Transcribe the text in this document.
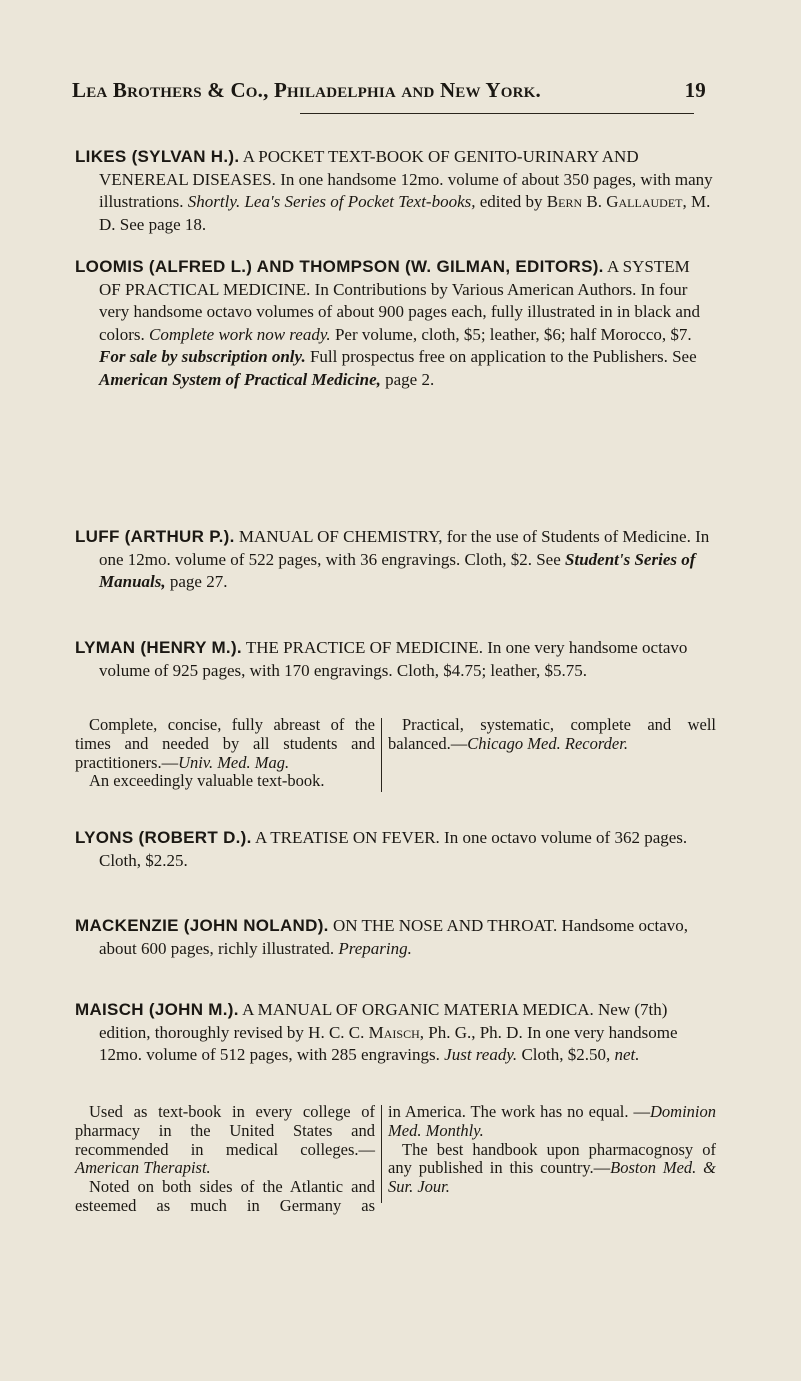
Lea Brothers & Co., Philadelphia and New York.	19

LIKES (SYLVAN H.). A POCKET TEXT-BOOK OF GENITO-URINARY AND VENEREAL DISEASES. In one handsome 12mo. volume of about 350 pages, with many illustrations. Shortly. Lea's Series of Pocket Text-books, edited by Bern B. Gallaudet, M. D. See page 18.

LOOMIS (ALFRED L.) AND THOMPSON (W. GILMAN, EDITORS). A SYSTEM OF PRACTICAL MEDICINE. In Contributions by Various American Authors. In four very handsome octavo volumes of about 900 pages each, fully illustrated in in black and colors. Complete work now ready. Per volume, cloth, $5; leather, $6; half Morocco, $7. For sale by subscription only. Full prospectus free on application to the Publishers. See American System of Practical Medicine, page 2.

LUFF (ARTHUR P.). MANUAL OF CHEMISTRY, for the use of Students of Medicine. In one 12mo. volume of 522 pages, with 36 engravings. Cloth, $2. See Student's Series of Manuals, page 27.

LYMAN (HENRY M.). THE PRACTICE OF MEDICINE. In one very handsome octavo volume of 925 pages, with 170 engravings. Cloth, $4.75; leather, $5.75.

Complete, concise, fully abreast of the times and needed by all students and practitioners.—Univ. Med. Mag.

An exceedingly valuable text-book.

Practical, systematic, complete and well balanced.—Chicago Med. Recorder.

LYONS (ROBERT D.). A TREATISE ON FEVER. In one octavo volume of 362 pages. Cloth, $2.25.

MACKENZIE (JOHN NOLAND). ON THE NOSE AND THROAT. Handsome octavo, about 600 pages, richly illustrated. Preparing.

MAISCH (JOHN M.). A MANUAL OF ORGANIC MATERIA MEDICA. New (7th) edition, thoroughly revised by H. C. C. Maisch, Ph. G., Ph. D. In one very handsome 12mo. volume of 512 pages, with 285 engravings. Just ready. Cloth, $2.50, net.

Used as text-book in every college of pharmacy in the United States and recommended in medical colleges.—American Therapist.

Noted on both sides of the Atlantic and esteemed as much in Germany as

in America. The work has no equal. —Dominion Med. Monthly.

The best handbook upon pharmacognosy of any published in this country.—Boston Med. & Sur. Jour.
